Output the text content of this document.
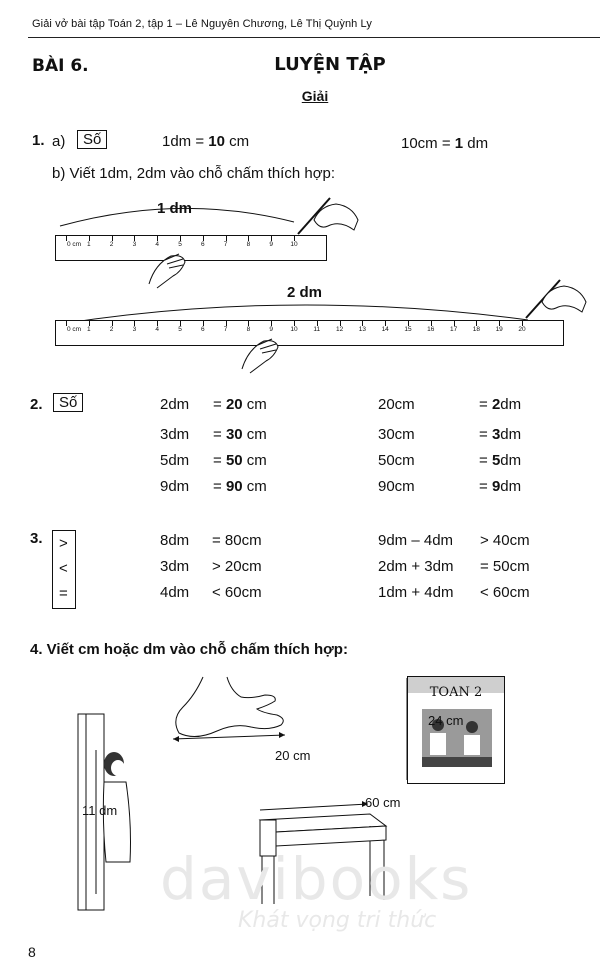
Giải vở bài tập Toán 2, tập 1 – Lê Nguyên Chương, Lê Thị Quỳnh Ly
BÀI 6.	LUYỆN TẬP
Giải
1. a)	Số	1dm = 10 cm	10cm = 1 dm
b) Viết 1dm, 2dm vào chỗ chấm thích hợp:
1 dm
0 cm 1	2	3	4	5	6	7	8	9	10
2 dm
0 cm 1	2	3	4	5	6	7	8	9	10 11 12 13 14 15 16 17 18 19 20
2.	Số	2dm = 20 cm	20cm	= 2dm
3dm = 30 cm	30cm	= 3dm
5dm = 50 cm	50cm	= 5dm
9dm = 90 cm	90cm	= 9dm
3. >
<
=
8dm = 80cm	9dm – 4dm > 40cm
3dm > 20cm	2dm + 3dm = 50cm
4dm < 60cm	1dm + 4dm < 60cm
4. Viết cm hoặc dm vào chỗ chấm thích hợp:
20 cm
TOAN 2
24 cm
11 dm
60 cm
davibooks
Khát vọng tri thức
8
